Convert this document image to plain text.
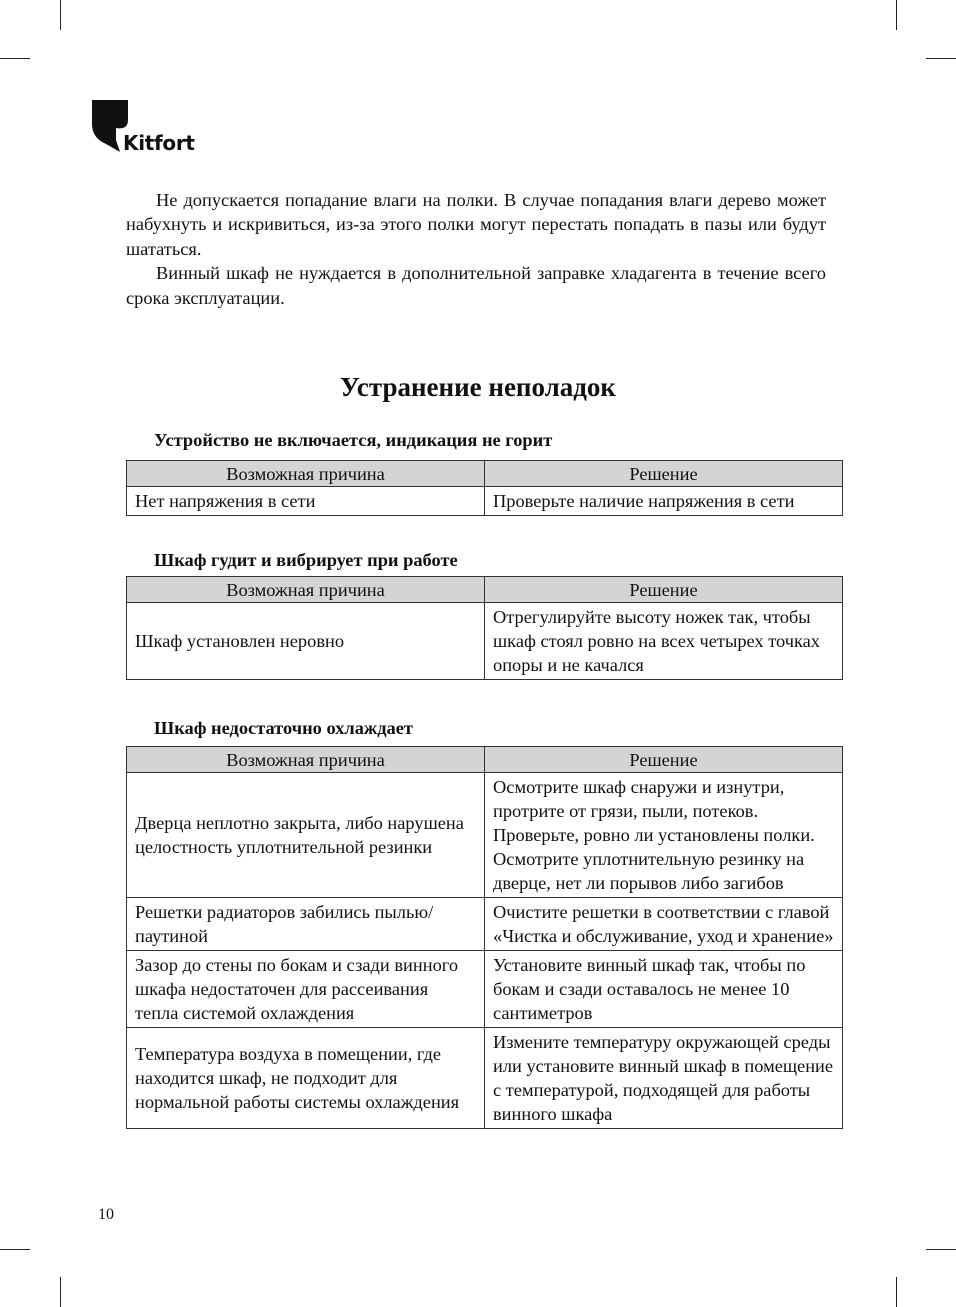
Kitfort

Не допускается попадание влаги на полки. В случае попадания влаги дерево может набухнуть и искривиться, из-за этого полки могут перестать попадать в пазы или будут шататься.

Винный шкаф не нуждается в дополнительной заправке хладагента в течение всего срока эксплуатации.

Устранение неполадок
Устройство не включается, индикация не горит
Возможная причина	Решение
Нет напряжения в сети	Проверьте наличие напряжения в сети
Шкаф гудит и вибрирует при работе
Возможная причина	Решение
Шкаф установлен неровно	Отрегулируйте высоту ножек так, чтобы шкаф стоял ровно на всех четырех точках опоры и не качался
Шкаф недостаточно охлаждает
Возможная причина	Решение
Дверца неплотно закрыта, либо нарушена целостность уплотнительной резинки	Осмотрите шкаф снаружи и изнутри, протрите от грязи, пыли, потеков. Проверьте, ровно ли установлены полки. Осмотрите уплотнительную резинку на дверце, нет ли порывов либо загибов
Решетки радиаторов забились пылью/паутиной	Очистите решетки в соответствии с главой «Чистка и обслуживание, уход и хранение»
Зазор до стены по бокам и сзади винного шкафа недостаточен для рассеивания тепла системой охлаждения	Установите винный шкаф так, чтобы по бокам и сзади оставалось не менее 10 сантиметров
Температура воздуха в помещении, где находится шкаф, не подходит для нормальной работы системы охлаждения	Измените температуру окружающей среды или установите винный шкаф в помещение с температурой, подходящей для работы винного шкафа
10
